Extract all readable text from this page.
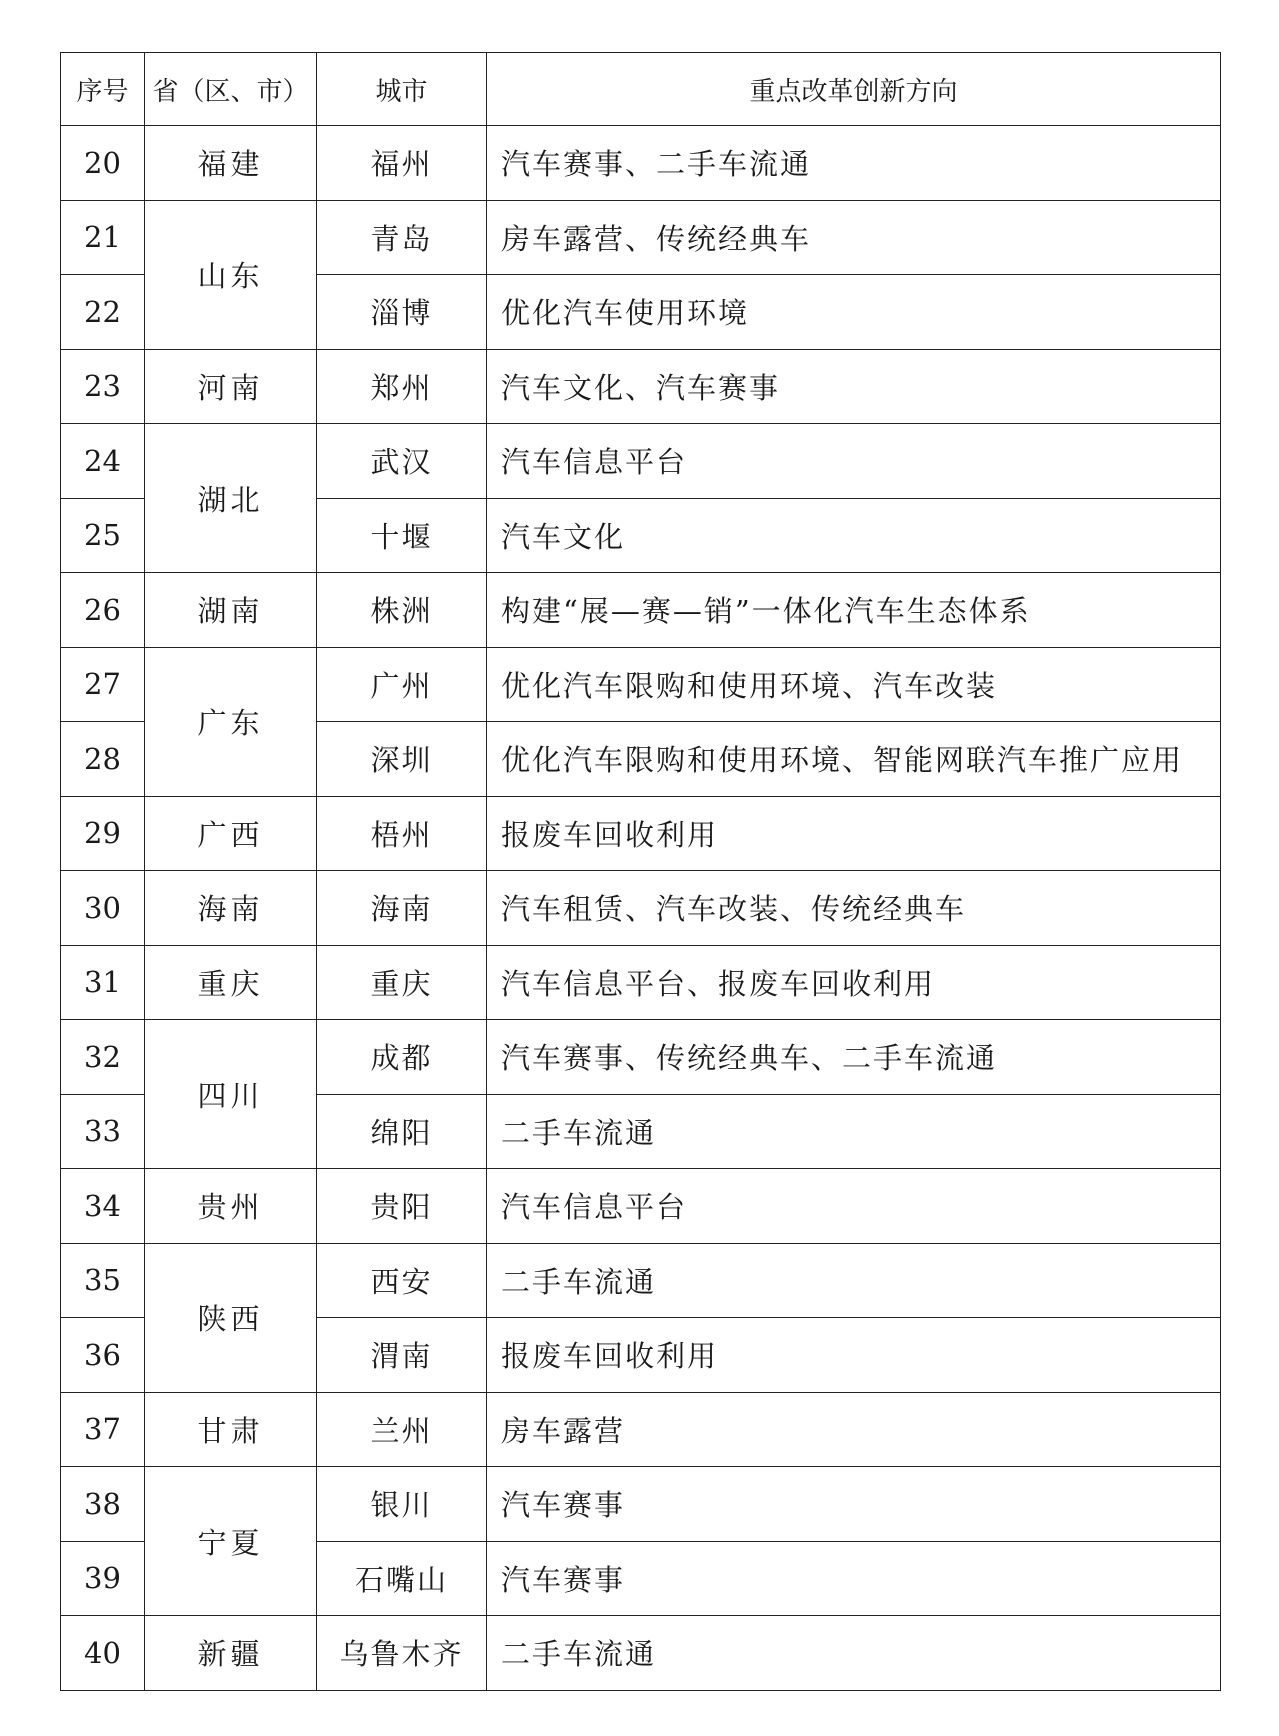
序号	省（区、市）	城市	重点改革创新方向
20	福建	福州	汽车赛事、二手车流通
21	山东	青岛	房车露营、传统经典车
22		淄博	优化汽车使用环境
23	河南	郑州	汽车文化、汽车赛事
24	湖北	武汉	汽车信息平台
25		十堰	汽车文化
26	湖南	株洲	构建“展—赛—销”一体化汽车生态体系
27	广东	广州	优化汽车限购和使用环境、汽车改装
28		深圳	优化汽车限购和使用环境、智能网联汽车推广应用
29	广西	梧州	报废车回收利用
30	海南	海南	汽车租赁、汽车改装、传统经典车
31	重庆	重庆	汽车信息平台、报废车回收利用
32	四川	成都	汽车赛事、传统经典车、二手车流通
33		绵阳	二手车流通
34	贵州	贵阳	汽车信息平台
35	陕西	西安	二手车流通
36		渭南	报废车回收利用
37	甘肃	兰州	房车露营
38	宁夏	银川	汽车赛事
39		石嘴山	汽车赛事
40	新疆	乌鲁木齐	二手车流通
